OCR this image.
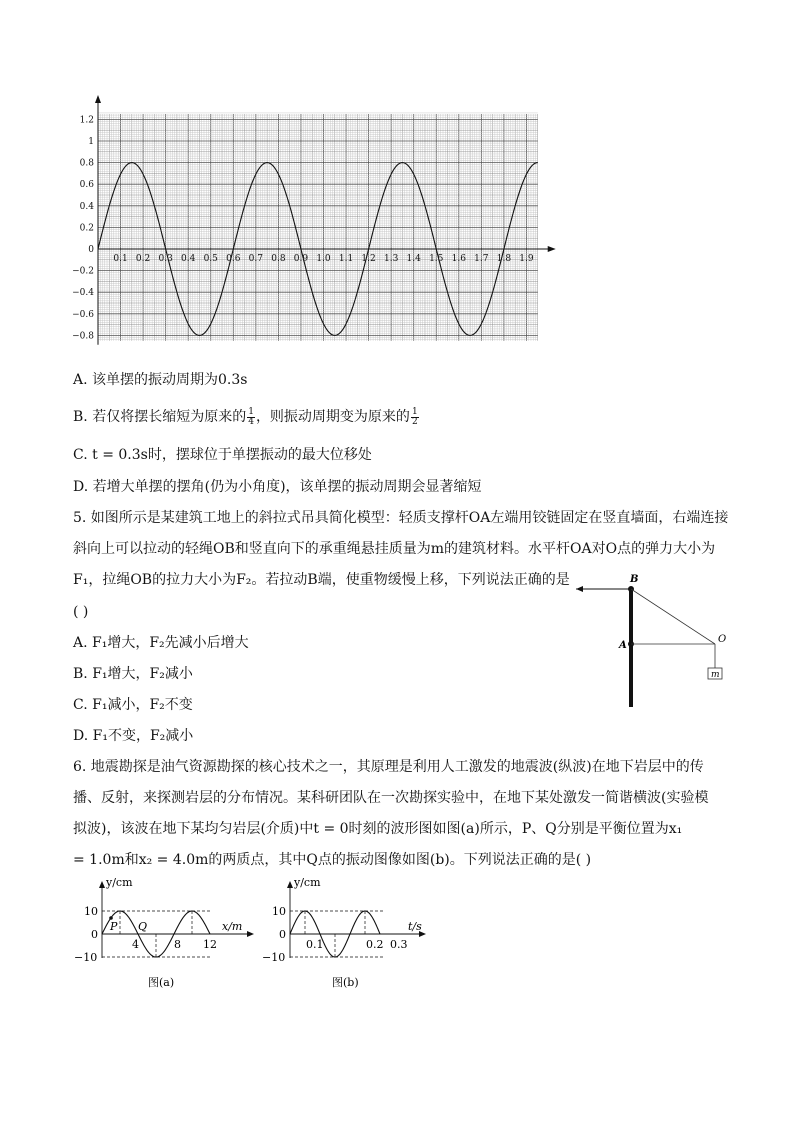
0.1 0.2 0.3 0.4 0.5 0.6 0.7 0.8 0.9 1.0 1.1 1.2 1.3 1.4 1.5 1.6 1.7 1.8 1.9
0.2
0.4
0.6
0.8
1
1.2
−0.2
−0.4
−0.6
−0.8
0
A. 该单摆的振动周期为0.3s
B. 若仅将摆长缩短为原来的 $\frac{1}{4}$ ，则振动周期变为原来的 $\frac{1}{2}$
C. t = 0.3s时，摆球位于单摆振动的最大位移处
D. 若增大单摆的摆角(仍为小角度)，该单摆的振动周期会显著缩短
5. 如图所示是某建筑工地上的斜拉式吊具简化模型：轻质支撑杆OA左端用铰链固定在竖直墙面，右端连接
斜向上可以拉动的轻绳OB和竖直向下的承重绳悬挂质量为m的建筑材料。水平杆OA对O点的弹力大小为
F₁，拉绳OB的拉力大小为F₂。若拉动B端，使重物缓慢上移，下列说法正确的是
( )
A. F₁增大，F₂先减小后增大
B. F₁增大，F₂减小
C. F₁减小，F₂不变
D. F₁不变，F₂减小
B
A
O
m
6. 地震勘探是油气资源勘探的核心技术之一，其原理是利用人工激发的地震波(纵波)在地下岩层中的传
播、反射，来探测岩层的分布情况。某科研团队在一次勘探实验中，在地下某处激发一简谐横波(实验模
拟波)，该波在地下某均匀岩层(介质)中t = 0时刻的波形图如图(a)所示，P、Q分别是平衡位置为x₁
= 1.0m和x₂ = 4.0m的两质点，其中Q点的振动图像如图(b)。下列说法正确的是( )
y/cm
x/m
10
0
−10
4	8 12
P Q
图(a)
y/cm
t/s
10
0
−10
0.1	0.2 0.3
图(b)
